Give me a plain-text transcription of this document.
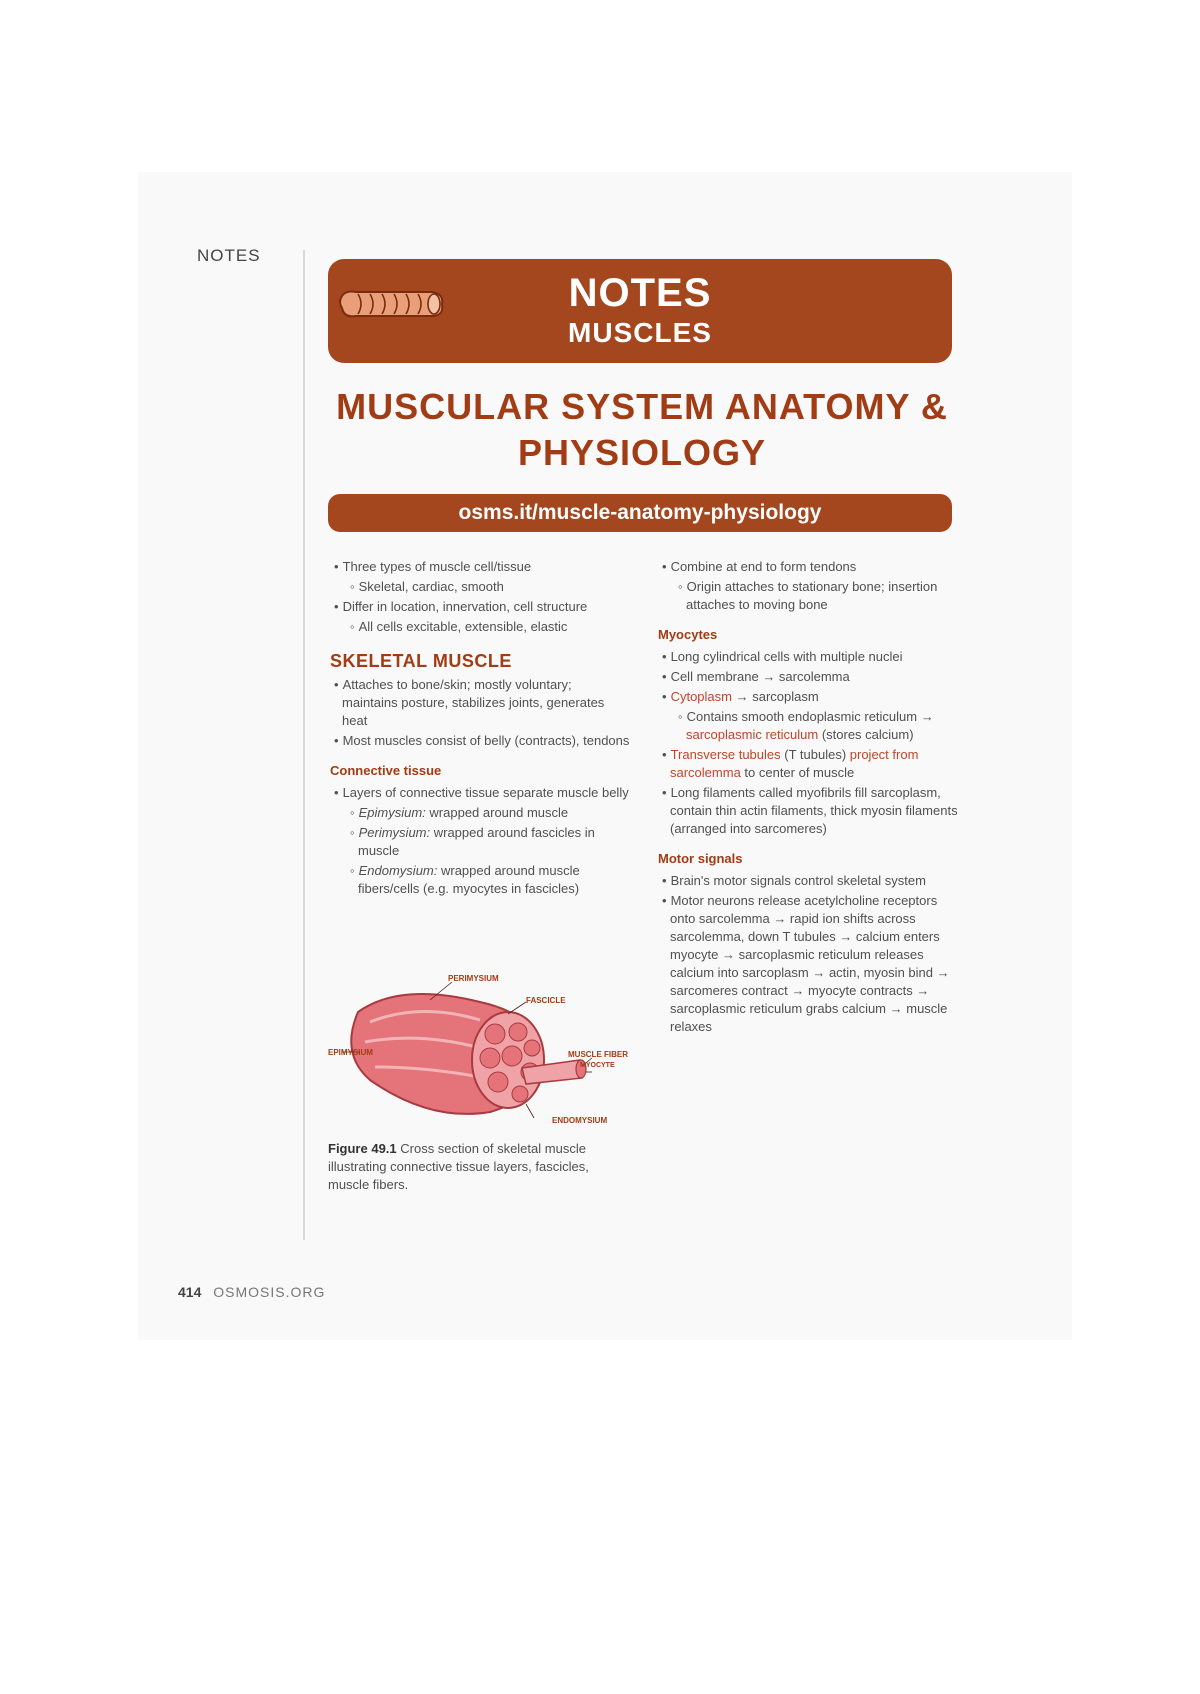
NOTES
NOTES
MUSCLES
MUSCULAR SYSTEM ANATOMY &
PHYSIOLOGY
osms.it/muscle-anatomy-physiology
• Three types of muscle cell/tissue
◦ Skeletal, cardiac, smooth
• Differ in location, innervation, cell structure
◦ All cells excitable, extensible, elastic
SKELETAL MUSCLE
• Attaches to bone/skin; mostly voluntary; maintains posture, stabilizes joints, generates heat
• Most muscles consist of belly (contracts), tendons
Connective tissue
• Layers of connective tissue separate muscle belly
◦ Epimysium: wrapped around muscle
◦ Perimysium: wrapped around fascicles in muscle
◦ Endomysium: wrapped around muscle fibers/cells (e.g. myocytes in fascicles)
PERIMYSIUM
FASCICLE
MUSCLE FIBER
MYOCYTE
EPIMYSIUM
ENDOMYSIUM
Figure 49.1 Cross section of skeletal muscle illustrating connective tissue layers, fascicles, muscle fibers.
• Combine at end to form tendons
◦ Origin attaches to stationary bone; insertion attaches to moving bone
Myocytes
• Long cylindrical cells with multiple nuclei
• Cell membrane → sarcolemma
• Cytoplasm → sarcoplasm
◦ Contains smooth endoplasmic reticulum → sarcoplasmic reticulum (stores calcium)
• Transverse tubules (T tubules) project from sarcolemma to center of muscle
• Long filaments called myofibrils fill sarcoplasm, contain thin actin filaments, thick myosin filaments (arranged into sarcomeres)
Motor signals
• Brain's motor signals control skeletal system
• Motor neurons release acetylcholine receptors onto sarcolemma → rapid ion shifts across sarcolemma, down T tubules → calcium enters myocyte → sarcoplasmic reticulum releases calcium into sarcoplasm → actin, myosin bind → sarcomeres contract → myocyte contracts → sarcoplasmic reticulum grabs calcium → muscle relaxes
414 OSMOSIS.ORG
